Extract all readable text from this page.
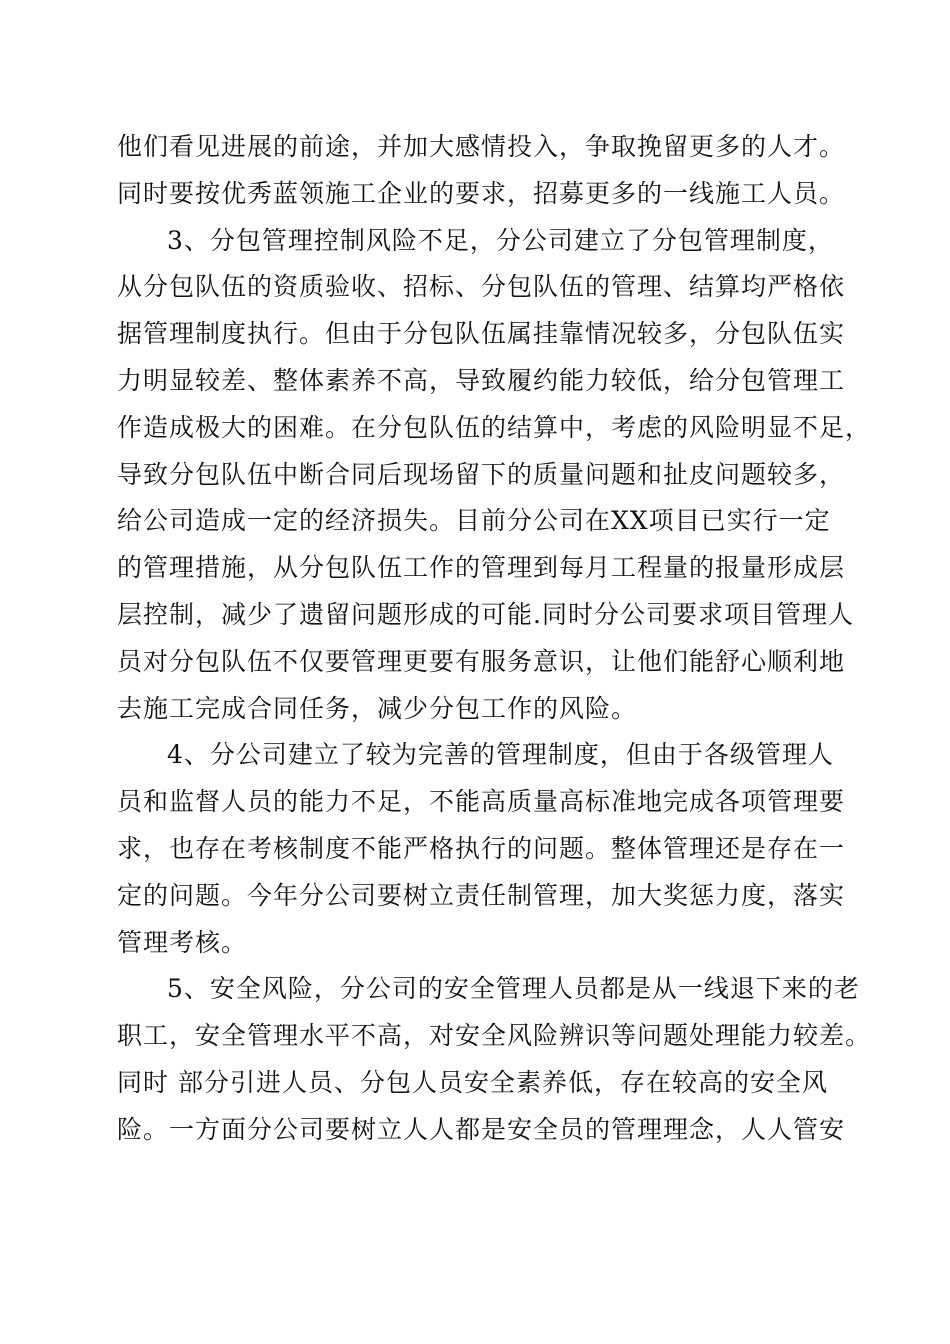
他们看见进展的前途，并加大感情投入，争取挽留更多的人才。

同时要按优秀蓝领施工企业的要求，招募更多的一线施工人员。

3、分包管理控制风险不足，分公司建立了分包管理制度，

从分包队伍的资质验收、招标、分包队伍的管理、结算均严格依

据管理制度执行。但由于分包队伍属挂靠情况较多，分包队伍实

力明显较差、整体素养不高，导致履约能力较低，给分包管理工

作造成极大的困难。在分包队伍的结算中，考虑的风险明显不足，

导致分包队伍中断合同后现场留下的质量问题和扯皮问题较多，

给公司造成一定的经济损失。目前分公司在XX项目已实行一定

的管理措施，从分包队伍工作的管理到每月工程量的报量形成层

层控制，减少了遗留问题形成的可能.同时分公司要求项目管理人

员对分包队伍不仅要管理更要有服务意识，让他们能舒心顺利地

去施工完成合同任务，减少分包工作的风险。

4、分公司建立了较为完善的管理制度，但由于各级管理人

员和监督人员的能力不足，不能高质量高标准地完成各项管理要

求，也存在考核制度不能严格执行的问题。整体管理还是存在一

定的问题。今年分公司要树立责任制管理，加大奖惩力度，落实

管理考核。

5、安全风险，分公司的安全管理人员都是从一线退下来的老

职工，安全管理水平不高，对安全风险辨识等问题处理能力较差。

同时 部分引进人员、分包人员安全素养低，存在较高的安全风

险。一方面分公司要树立人人都是安全员的管理理念，人人管安
